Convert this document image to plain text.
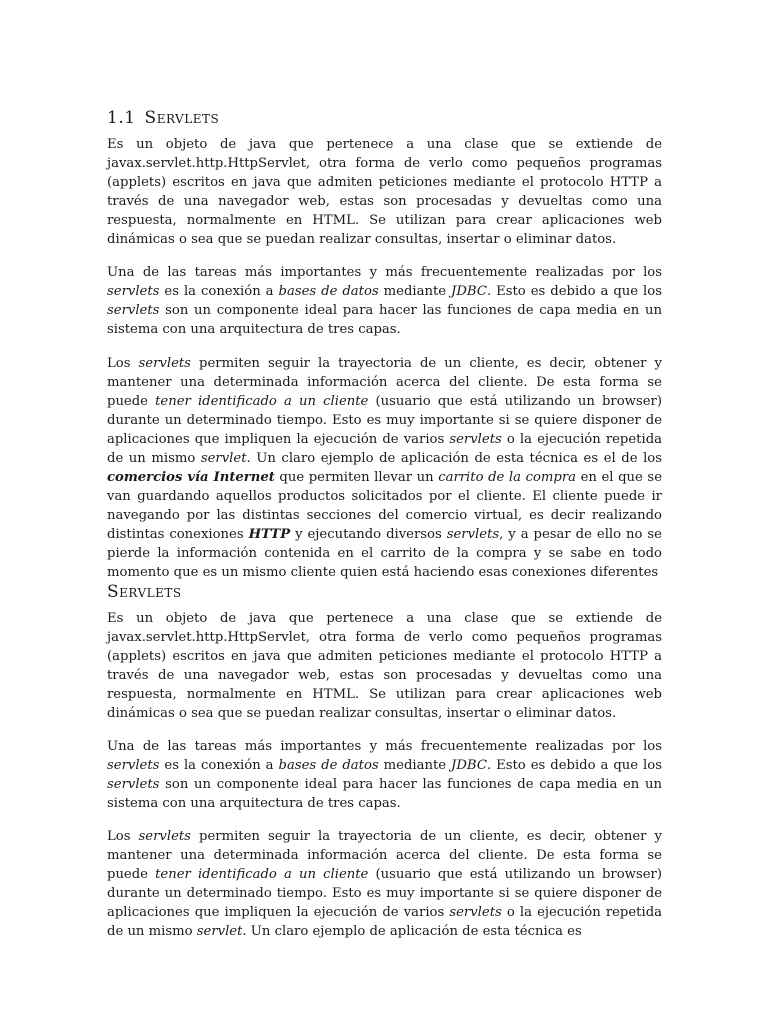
1.1 Servlets
Es un objeto de java que pertenece a una clase que se extiende de javax.servlet.http.HttpServlet, otra forma de verlo como pequeños programas (applets) escritos en java que admiten peticiones mediante el protocolo HTTP a través de una navegador web, estas son procesadas y devueltas como una respuesta, normalmente en HTML. Se utilizan para crear aplicaciones web dinámicas o sea que se puedan realizar consultas, insertar o eliminar datos.
Una de las tareas más importantes y más frecuentemente realizadas por los servlets es la conexión a bases de datos mediante JDBC. Esto es debido a que los servlets son un componente ideal para hacer las funciones de capa media en un sistema con una arquitectura de tres capas.
Los servlets permiten seguir la trayectoria de un cliente, es decir, obtener y mantener una determinada información acerca del cliente. De esta forma se puede tener identificado a un cliente (usuario que está utilizando un browser) durante un determinado tiempo. Esto es muy importante si se quiere disponer de aplicaciones que impliquen la ejecución de varios servlets o la ejecución repetida de un mismo servlet. Un claro ejemplo de aplicación de esta técnica es el de los comercios vía Internet que permiten llevar un carrito de la compra en el que se van guardando aquellos productos solicitados por el cliente. El cliente puede ir navegando por las distintas secciones del comercio virtual, es decir realizando distintas conexiones HTTP y ejecutando diversos servlets, y a pesar de ello no se pierde la información contenida en el carrito de la compra y se sabe en todo momento que es un mismo cliente quien está haciendo esas conexiones diferentes
Servlets
Es un objeto de java que pertenece a una clase que se extiende de javax.servlet.http.HttpServlet, otra forma de verlo como pequeños programas (applets) escritos en java que admiten peticiones mediante el protocolo HTTP a través de una navegador web, estas son procesadas y devueltas como una respuesta, normalmente en HTML. Se utilizan para crear aplicaciones web dinámicas o sea que se puedan realizar consultas, insertar o eliminar datos.
Una de las tareas más importantes y más frecuentemente realizadas por los servlets es la conexión a bases de datos mediante JDBC. Esto es debido a que los servlets son un componente ideal para hacer las funciones de capa media en un sistema con una arquitectura de tres capas.
Los servlets permiten seguir la trayectoria de un cliente, es decir, obtener y mantener una determinada información acerca del cliente. De esta forma se puede tener identificado a un cliente (usuario que está utilizando un browser) durante un determinado tiempo. Esto es muy importante si se quiere disponer de aplicaciones que impliquen la ejecución de varios servlets o la ejecución repetida de un mismo servlet. Un claro ejemplo de aplicación de esta técnica es
